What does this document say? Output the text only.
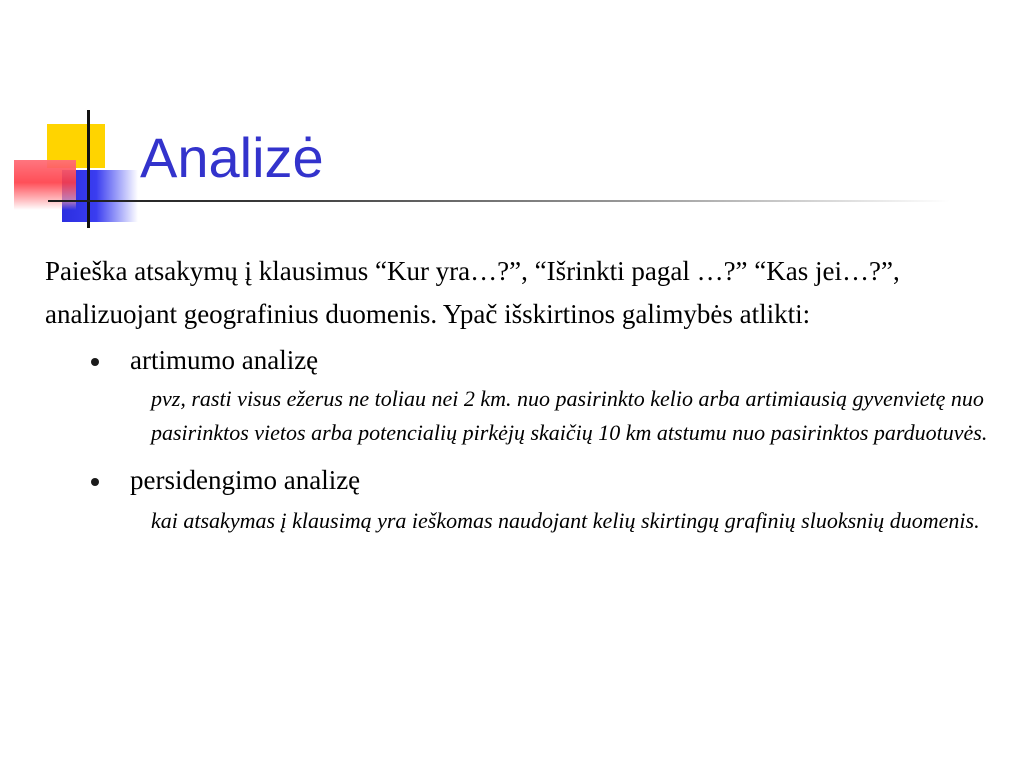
Analizė

Paieška atsakymų į klausimus “Kur yra…?”, “Išrinkti pagal …?” “Kas jei…?”, analizuojant geografinius duomenis. Ypač išskirtinos galimybės atlikti:

artimumo analizę

pvz, rasti visus ežerus ne toliau nei 2 km. nuo pasirinkto kelio arba artimiausią gyvenvietę nuo pasirinktos vietos arba potencialių pirkėjų skaičių 10 km atstumu nuo pasirinktos parduotuvės.

persidengimo analizę

kai atsakymas į klausimą yra ieškomas naudojant kelių skirtingų grafinių sluoksnių duomenis.
